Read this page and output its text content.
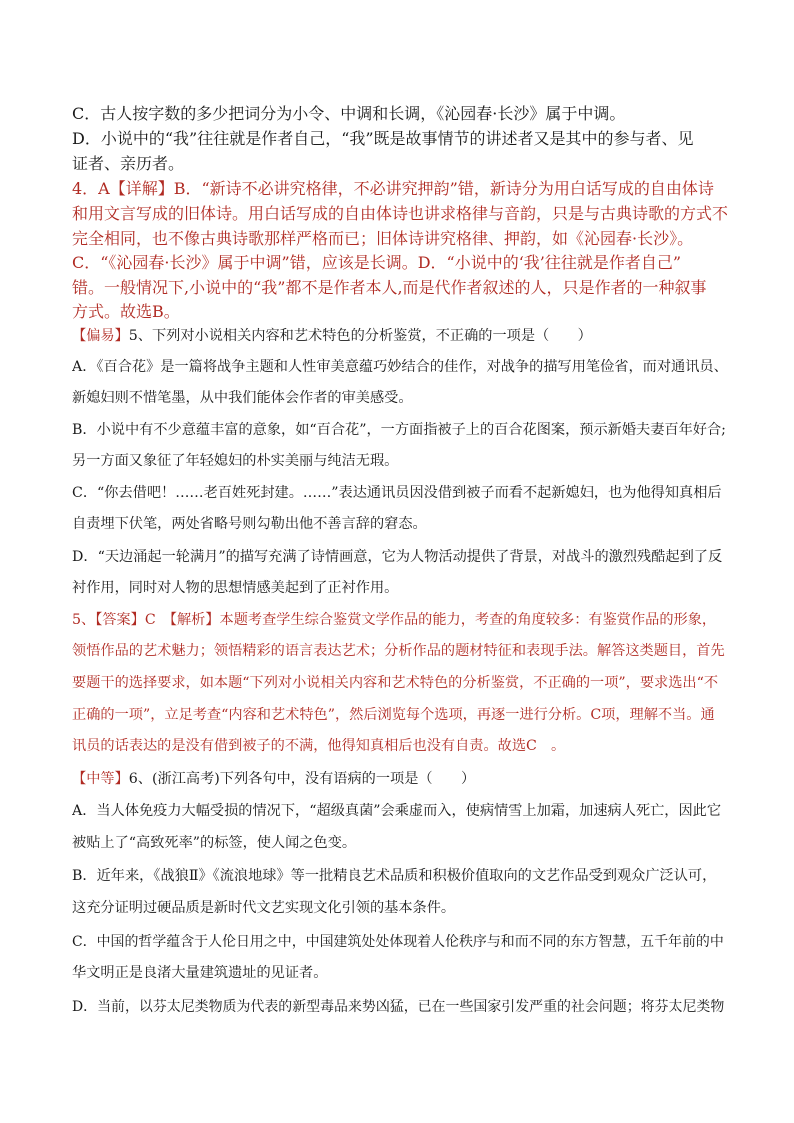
C．古人按字数的多少把词分为小令、中调和长调，《沁园春·长沙》属于中调。
D．小说中的“我”往往就是作者自己，“我”既是故事情节的讲述者又是其中的参与者、见
证者、亲历者。
4．A【详解】B．“新诗不必讲究格律，不必讲究押韵”错，新诗分为用白话写成的自由体诗
和用文言写成的旧体诗。用白话写成的自由体诗也讲求格律与音韵，只是与古典诗歌的方式不
完全相同，也不像古典诗歌那样严格而已；旧体诗讲究格律、押韵，如《沁园春·长沙》。
C．“《沁园春·长沙》属于中调”错，应该是长调。D．“小说中的‘我’往往就是作者自己”
错。一般情况下,小说中的“我”都不是作者本人,而是代作者叙述的人，只是作者的一种叙事
方式。故选B。
【偏易】5、下列对小说相关内容和艺术特色的分析鉴赏，不正确的一项是（　　）
A．《百合花》是一篇将战争主题和人性审美意蕴巧妙结合的佳作，对战争的描写用笔俭省，而对通讯员、
新媳妇则不惜笔墨，从中我们能体会作者的审美感受。
B．小说中有不少意蕴丰富的意象，如“百合花”，一方面指被子上的百合花图案，预示新婚夫妻百年好合;
另一方面又象征了年轻媳妇的朴实美丽与纯洁无瑕。
C．“你去借吧！……老百姓死封建。……”表达通讯员因没借到被子而看不起新媳妇，也为他得知真相后
自责埋下伏笔，两处省略号则勾勒出他不善言辞的窘态。
D．“天边涌起一轮满月”的描写充满了诗情画意，它为人物活动提供了背景，对战斗的激烈残酷起到了反
衬作用，同时对人物的思想情感美起到了正衬作用。
5、【答案】C　【解析】本题考查学生综合鉴赏文学作品的能力，考查的角度较多：有鉴赏作品的形象，
领悟作品的艺术魅力；领悟精彩的语言表达艺术；分析作品的题材特征和表现手法。解答这类题目，首先
要题干的选择要求，如本题“下列对小说相关内容和艺术特色的分析鉴赏，不正确的一项”，要求选出“不
正确的一项”，立足考查“内容和艺术特色”，然后浏览每个选项，再逐一进行分析。C项，理解不当。通
讯员的话表达的是没有借到被子的不满，他得知真相后也没有自责。故选C　。
【中等】6、(浙江高考)下列各句中，没有语病的一项是（　　）
A．当人体免疫力大幅受损的情况下，“超级真菌”会乘虚而入，使病情雪上加霜，加速病人死亡，因此它
被贴上了“高致死率”的标签，使人闻之色变。
B．近年来，《战狼Ⅱ》《流浪地球》等一批精良艺术品质和积极价值取向的文艺作品受到观众广泛认可，
这充分证明过硬品质是新时代文艺实现文化引领的基本条件。
C．中国的哲学蕴含于人伦日用之中，中国建筑处处体现着人伦秩序与和而不同的东方智慧，五千年前的中
华文明正是良渚大量建筑遗址的见证者。
D．当前，以芬太尼类物质为代表的新型毒品来势凶猛，已在一些国家引发严重的社会问题；将芬太尼类物
